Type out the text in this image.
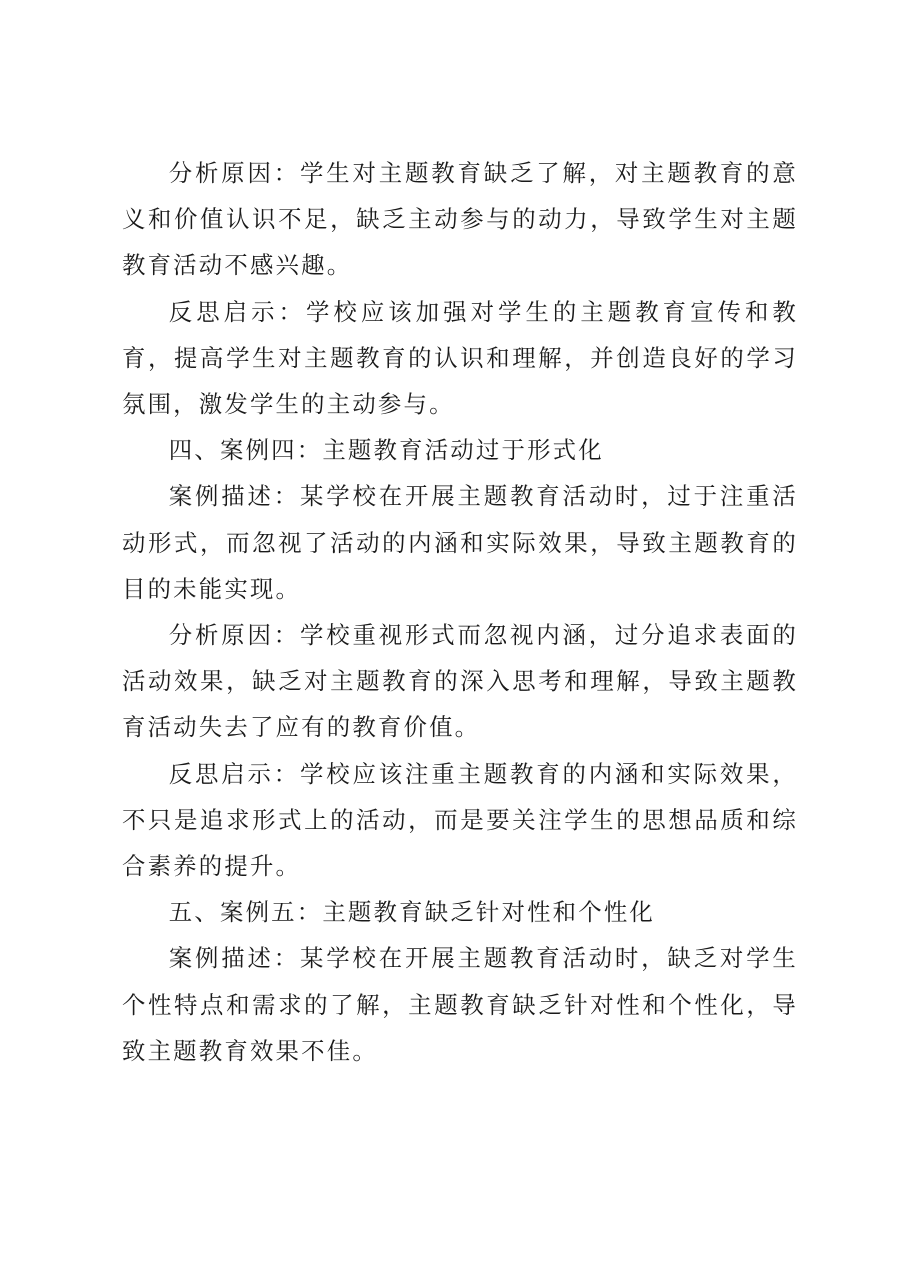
分析原因：学生对主题教育缺乏了解，对主题教育的意义和价值认识不足，缺乏主动参与的动力，导致学生对主题教育活动不感兴趣。

反思启示：学校应该加强对学生的主题教育宣传和教育，提高学生对主题教育的认识和理解，并创造良好的学习氛围，激发学生的主动参与。

四、案例四：主题教育活动过于形式化

案例描述：某学校在开展主题教育活动时，过于注重活动形式，而忽视了活动的内涵和实际效果，导致主题教育的目的未能实现。

分析原因：学校重视形式而忽视内涵，过分追求表面的活动效果，缺乏对主题教育的深入思考和理解，导致主题教育活动失去了应有的教育价值。

反思启示：学校应该注重主题教育的内涵和实际效果，不只是追求形式上的活动，而是要关注学生的思想品质和综合素养的提升。

五、案例五：主题教育缺乏针对性和个性化

案例描述：某学校在开展主题教育活动时，缺乏对学生个性特点和需求的了解，主题教育缺乏针对性和个性化，导致主题教育效果不佳。
